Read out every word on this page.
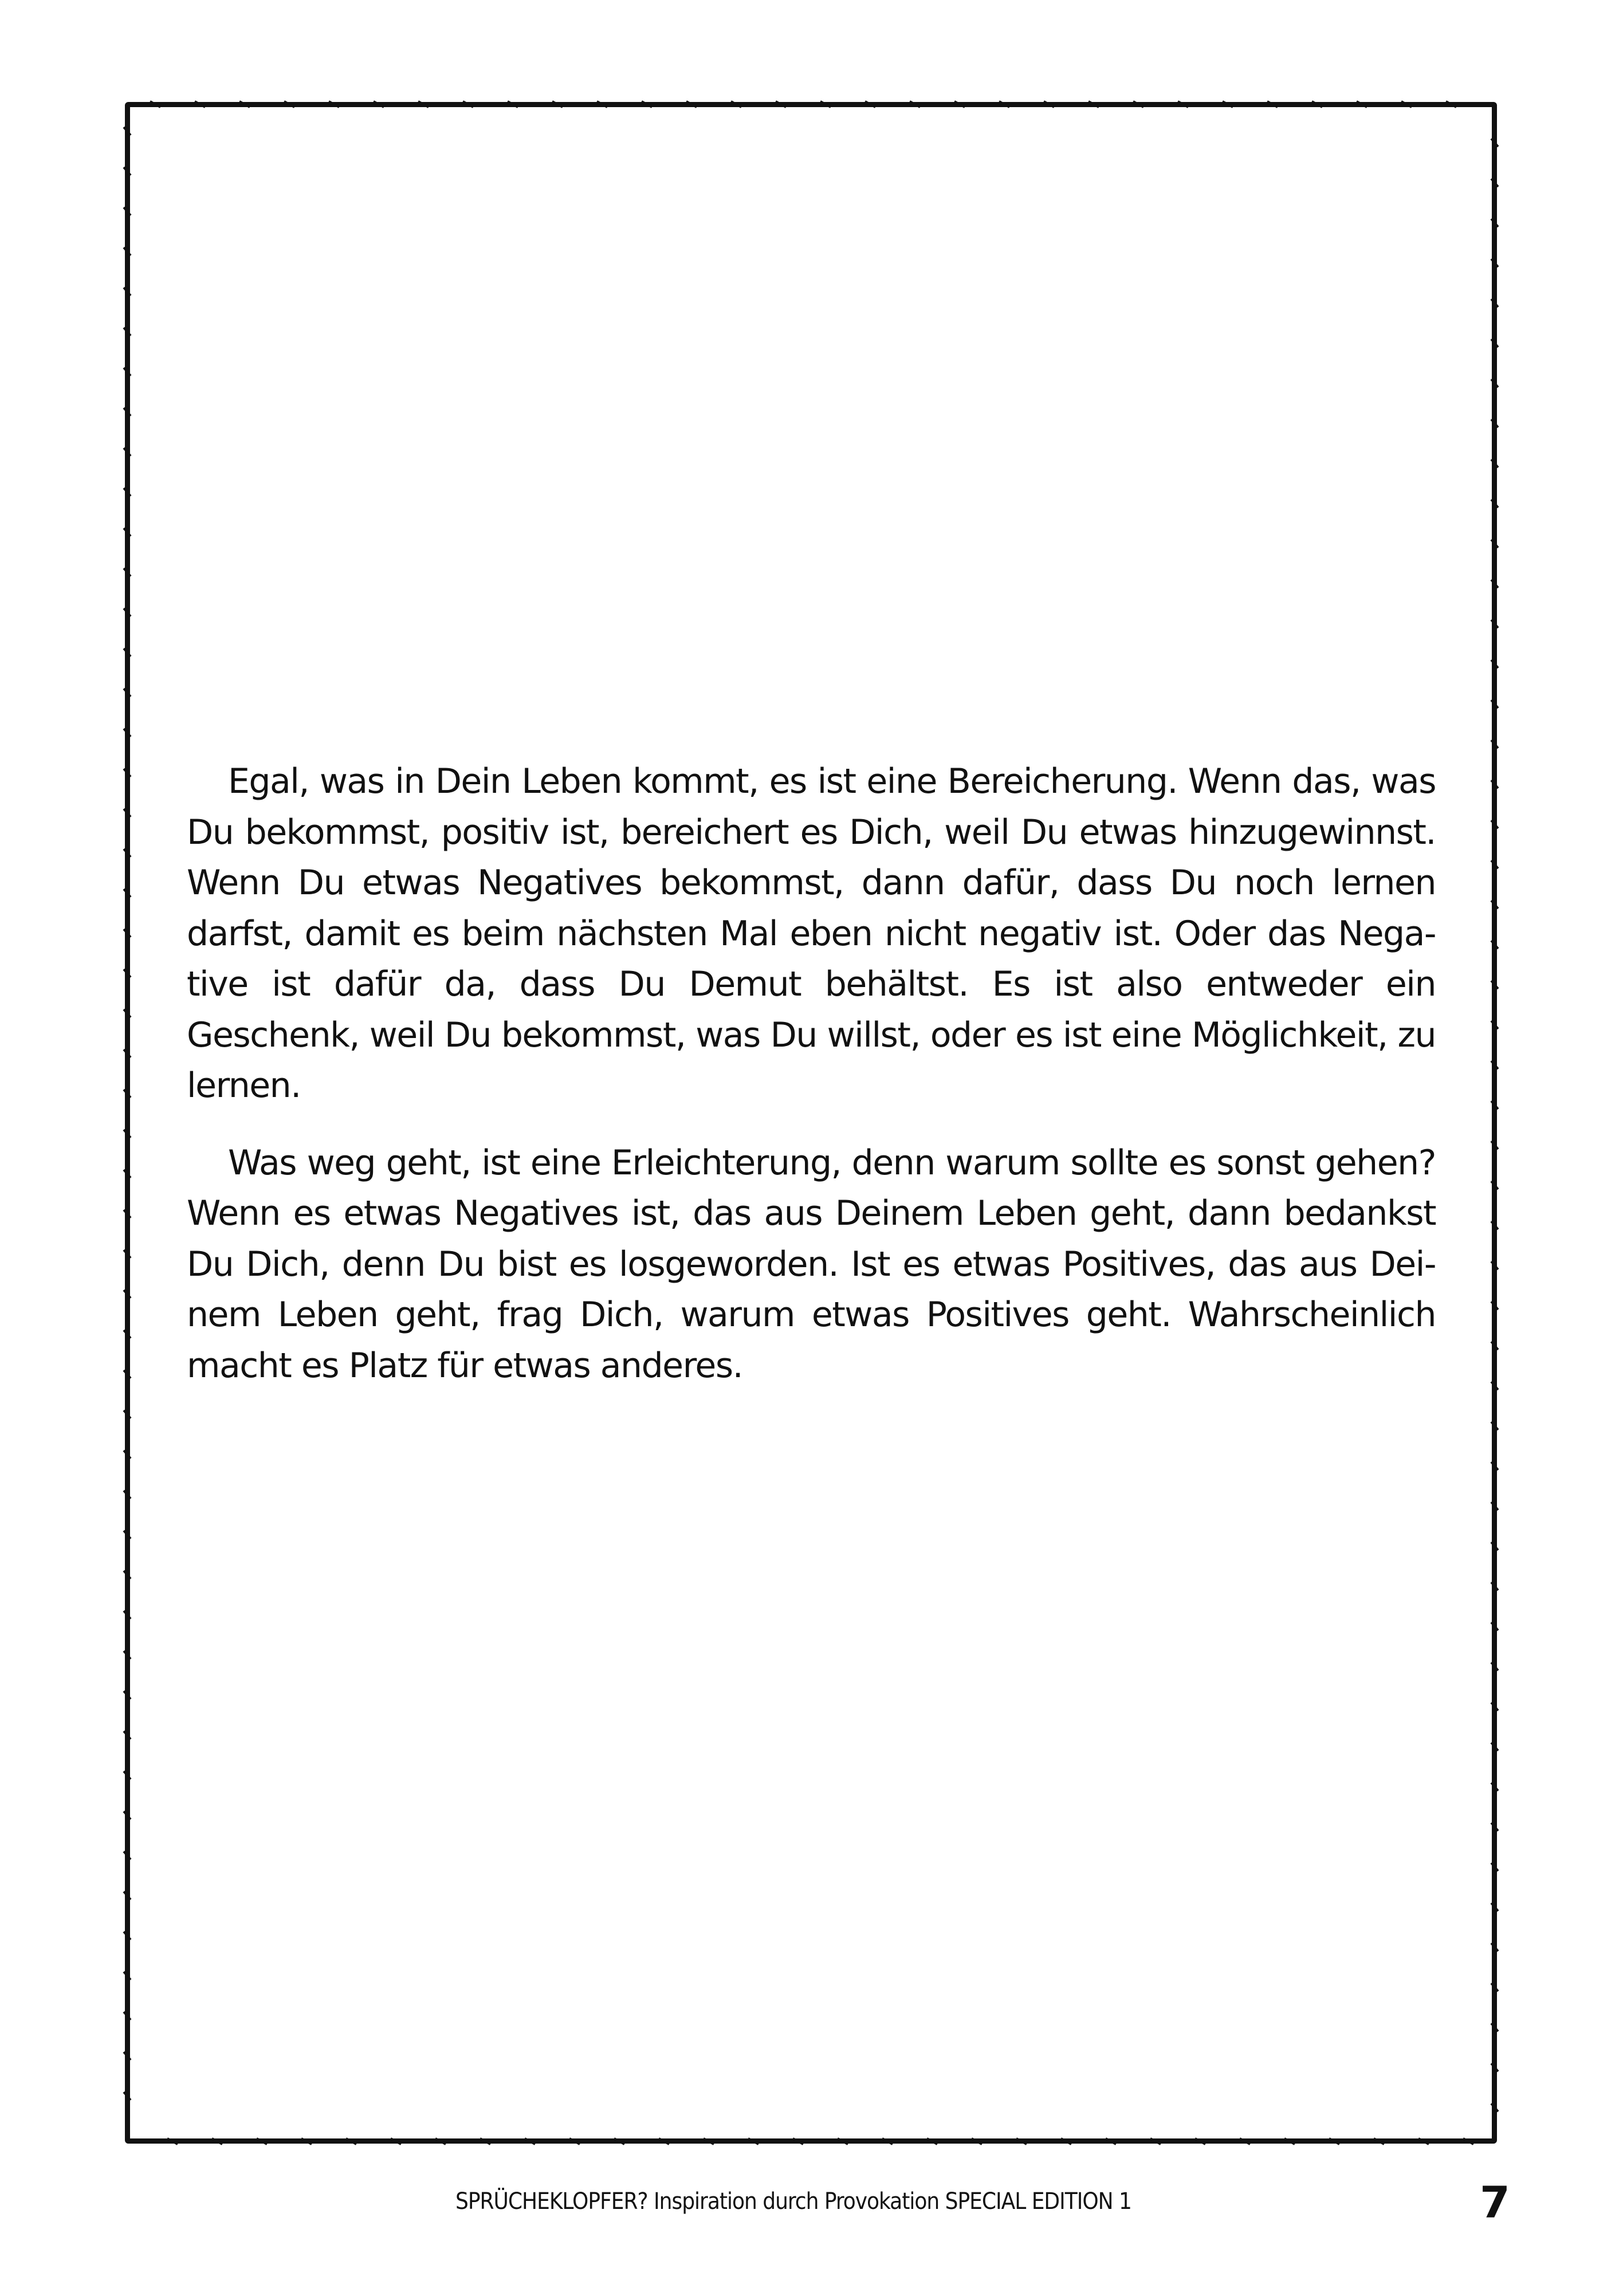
Egal, was in Dein Leben kommt, es ist eine Bereicherung. Wenn das, was Du bekommst, positiv ist, bereichert es Dich, weil Du etwas hinzugewinnst. Wenn Du etwas Negatives bekommst, dann dafür, dass Du noch lernen darfst, damit es beim nächsten Mal eben nicht negativ ist. Oder das Nega-tive ist dafür da, dass Du Demut behältst. Es ist also entweder ein Geschenk, weil Du bekommst, was Du willst, oder es ist eine Möglichkeit, zu lernen.

Was weg geht, ist eine Erleichterung, denn warum sollte es sonst gehen? Wenn es etwas Negatives ist, das aus Deinem Leben geht, dann bedankst Du Dich, denn Du bist es losgeworden. Ist es etwas Positives, das aus Dei-nem Leben geht, frag Dich, warum etwas Positives geht. Wahrscheinlich macht es Platz für etwas anderes.

SPRÜCHEKLOPFER? Inspiration durch Provokation SPECIAL EDITION 1	7
